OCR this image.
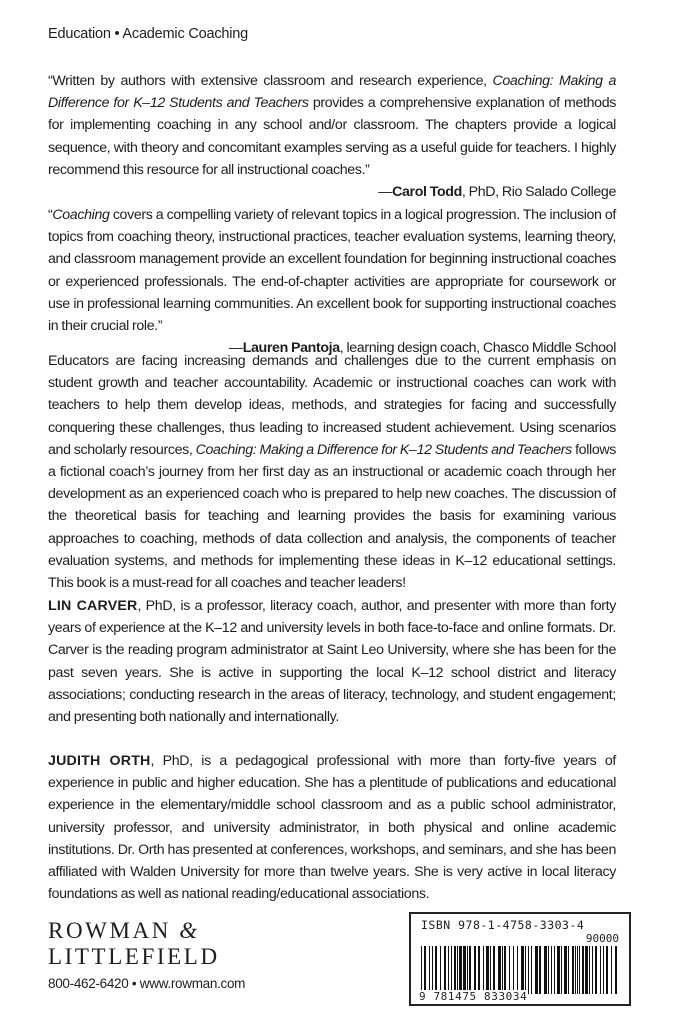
Education • Academic Coaching
“Written by authors with extensive classroom and research experience, Coaching: Making a Difference for K–12 Students and Teachers provides a comprehensive explanation of methods for implementing coaching in any school and/or classroom. The chapters provide a logical sequence, with theory and concomitant examples serving as a useful guide for teachers. I highly recommend this resource for all instructional coaches.”
—Carol Todd, PhD, Rio Salado College
“Coaching covers a compelling variety of relevant topics in a logical progression. The inclusion of topics from coaching theory, instructional practices, teacher evaluation systems, learning theory, and classroom management provide an excellent foundation for beginning instructional coaches or experienced professionals. The end-of-chapter activities are appropriate for coursework or use in professional learning communities. An excellent book for supporting instructional coaches in their crucial role.”
—Lauren Pantoja, learning design coach, Chasco Middle School
Educators are facing increasing demands and challenges due to the current emphasis on student growth and teacher accountability. Academic or instructional coaches can work with teachers to help them develop ideas, methods, and strategies for facing and successfully conquering these challenges, thus leading to increased student achievement. Using scenarios and scholarly resources, Coaching: Making a Difference for K–12 Students and Teachers follows a fictional coach’s journey from her first day as an instructional or academic coach through her development as an experienced coach who is prepared to help new coaches. The discussion of the theoretical basis for teaching and learning provides the basis for examining various approaches to coaching, methods of data collection and analysis, the components of teacher evaluation systems, and methods for implementing these ideas in K–12 educational settings. This book is a must-read for all coaches and teacher leaders!
LIN CARVER, PhD, is a professor, literacy coach, author, and presenter with more than forty years of experience at the K–12 and university levels in both face-to-face and online formats. Dr. Carver is the reading program administrator at Saint Leo University, where she has been for the past seven years. She is active in supporting the local K–12 school district and literacy associations; conducting research in the areas of literacy, technology, and student engagement; and presenting both nationally and internationally.
JUDITH ORTH, PhD, is a pedagogical professional with more than forty-five years of experience in public and higher education. She has a plentitude of publications and educational experience in the elementary/middle school classroom and as a public school administrator, university professor, and university administrator, in both physical and online academic institutions. Dr. Orth has presented at conferences, workshops, and seminars, and she has been affiliated with Walden University for more than twelve years. She is very active in local literacy foundations as well as national reading/educational associations.
ROWMAN &
LITTLEFIELD
800-462-6420 • www.rowman.com
ISBN 978-1-4758-3303-4
90000
9 781475 833034
